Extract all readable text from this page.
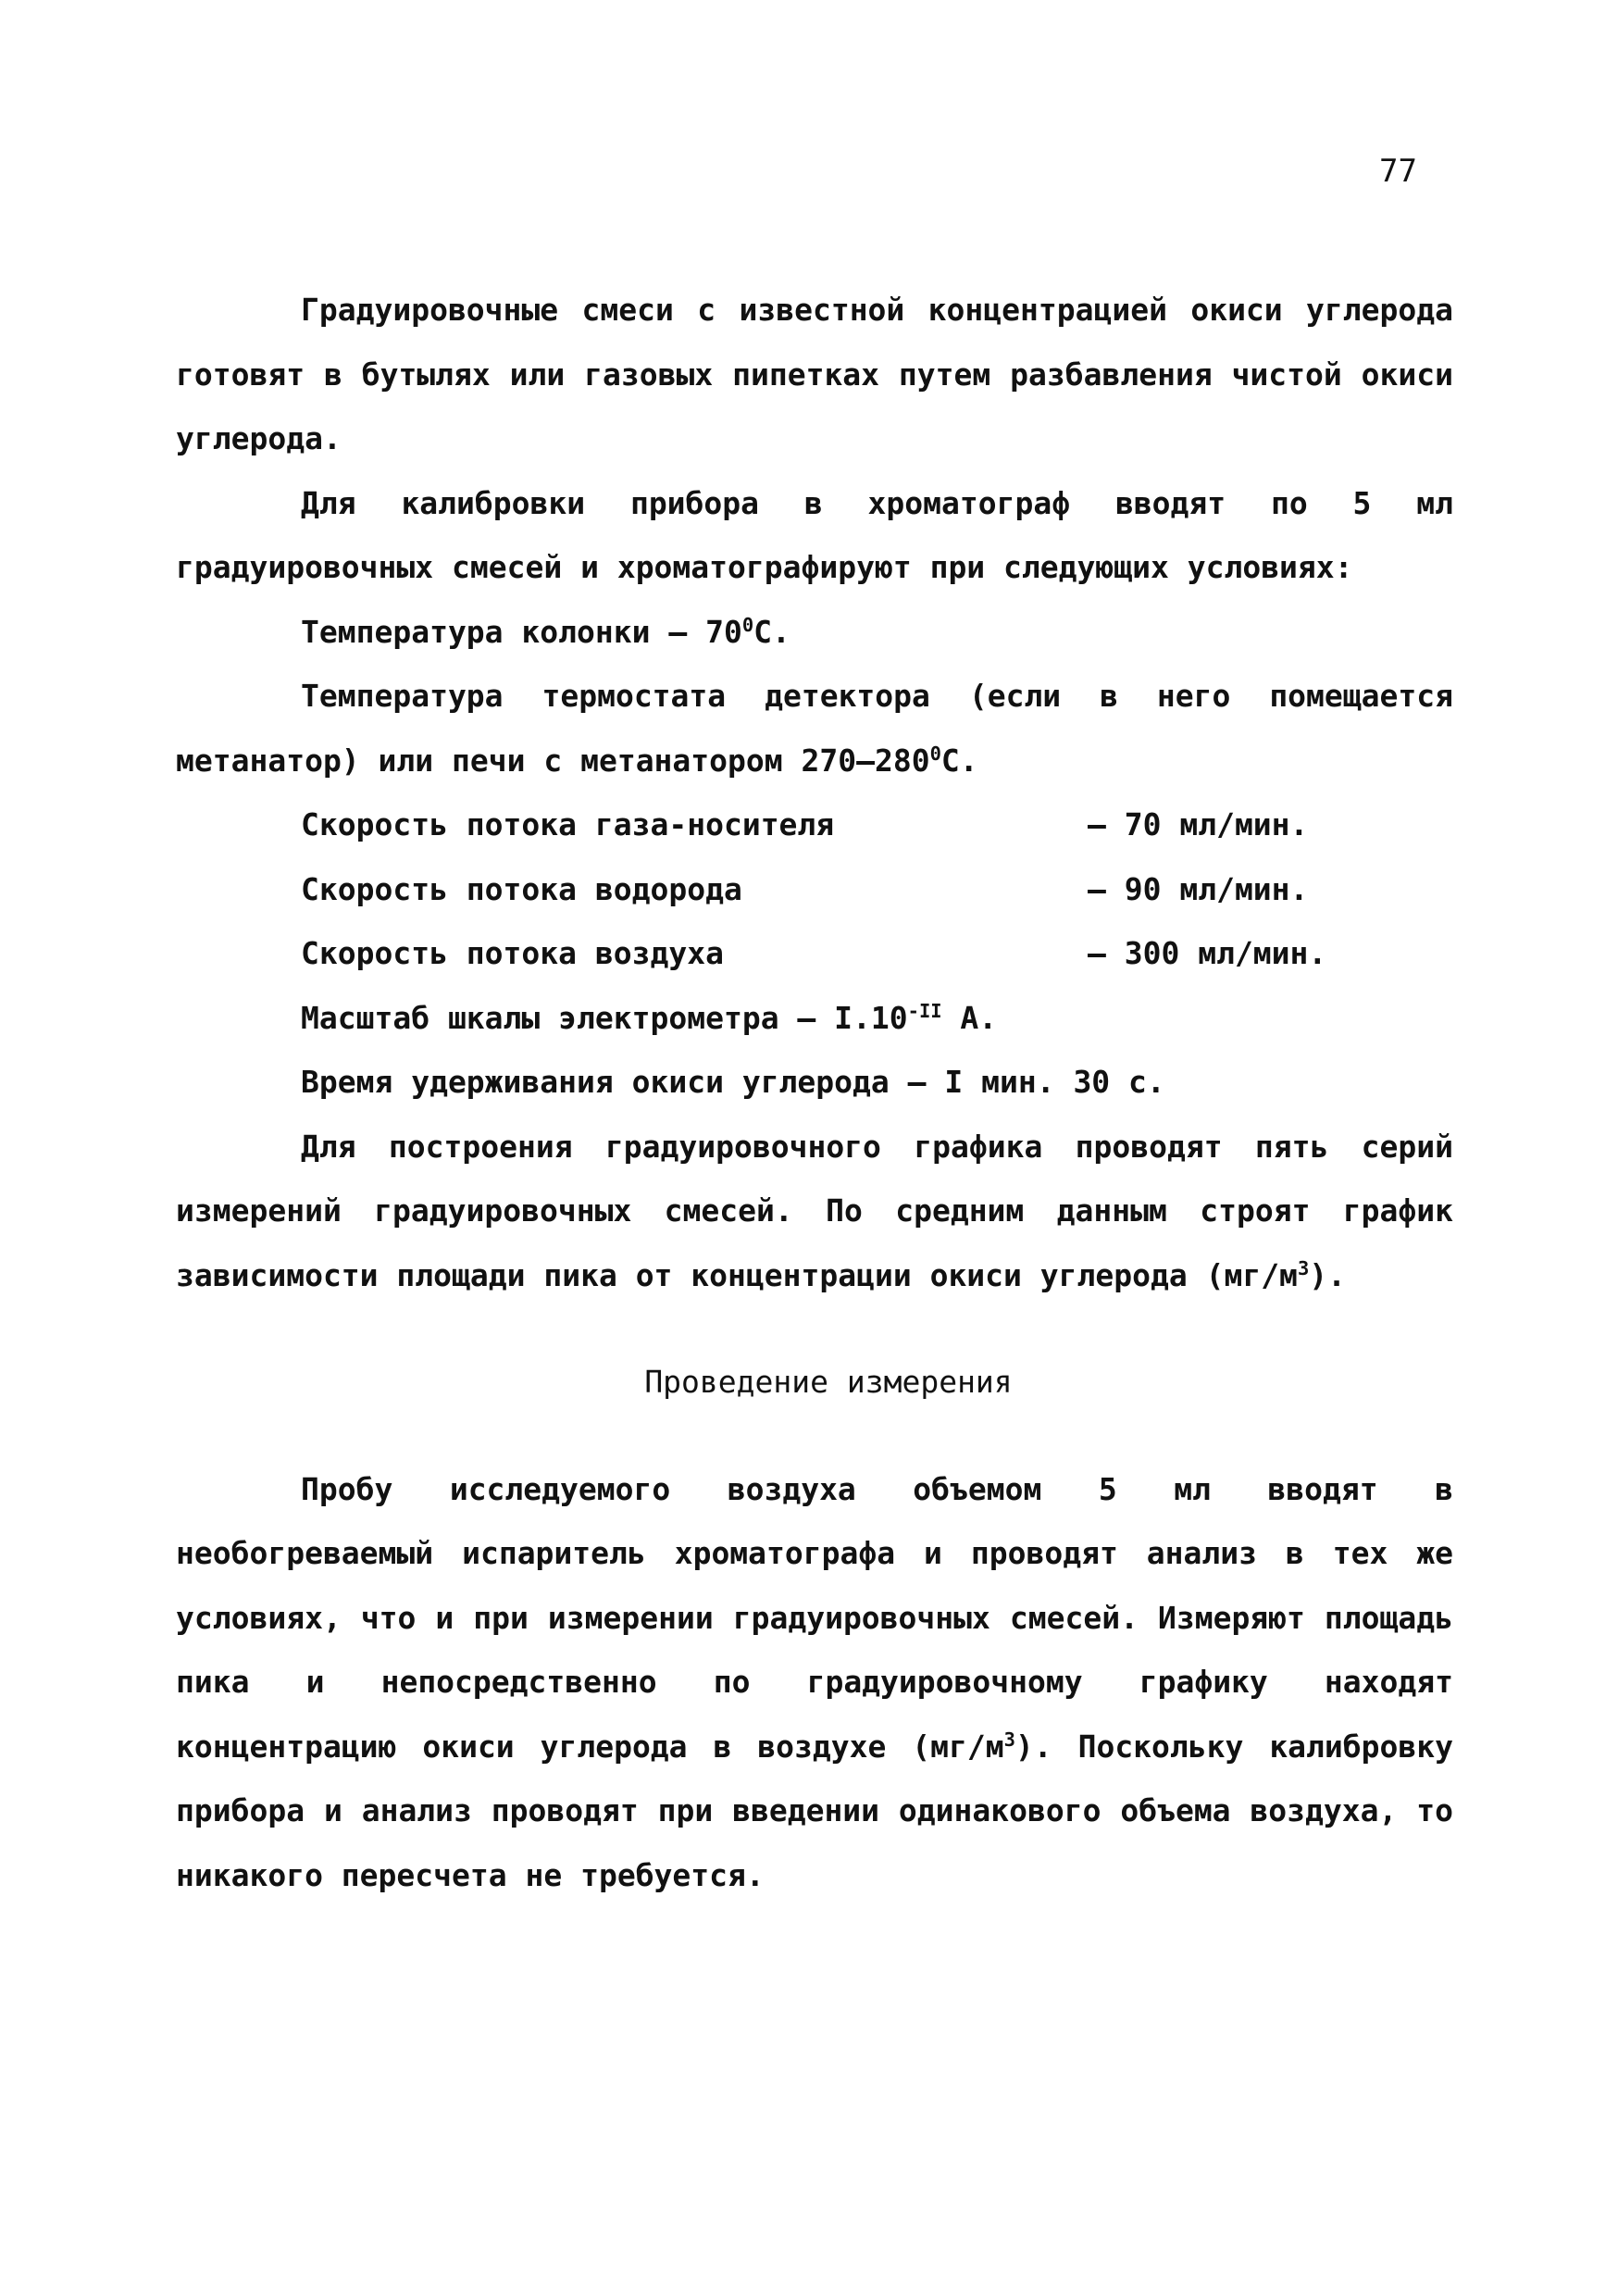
77

Градуировочные смеси с известной концентрацией окиси углерода готовят в бутылях или газовых пипетках путем разбавления чистой окиси углерода.

Для калибровки прибора в хроматограф вводят по 5 мл градуировочных смесей и хроматографируют при следующих условиях:

Температура колонки – $70^0С$.

Температура термостата детектора (если в него помещается метанатор) или печи с метанатором $270-280^0С$.

Скорость потока газа-носителя	– 70 мл/мин.
Скорость потока водорода	– 90 мл/мин.
Скорость потока воздуха	– 300 мл/мин.

Масштаб шкалы электрометра – $I.10^{-II}$ А.

Время удерживания окиси углерода – I мин. 30 с.

Для построения градуировочного графика проводят пять серий измерений градуировочных смесей. По средним данным строят график зависимости площади пика от концентрации окиси углерода $(мг/м^3)$.

Проведение измерения

Пробу исследуемого воздуха объемом 5 мл вводят в необогреваемый испаритель хроматографа и проводят анализ в тех же условиях, что и при измерении градуировочных смесей. Измеряют площадь пика и непосредственно по градуировочному графику находят концентрацию окиси углерода в воздухе $(мг/м^3)$. Поскольку калибровку прибора и анализ проводят при введении одинакового объема воздуха, то никакого пересчета не требуется.
